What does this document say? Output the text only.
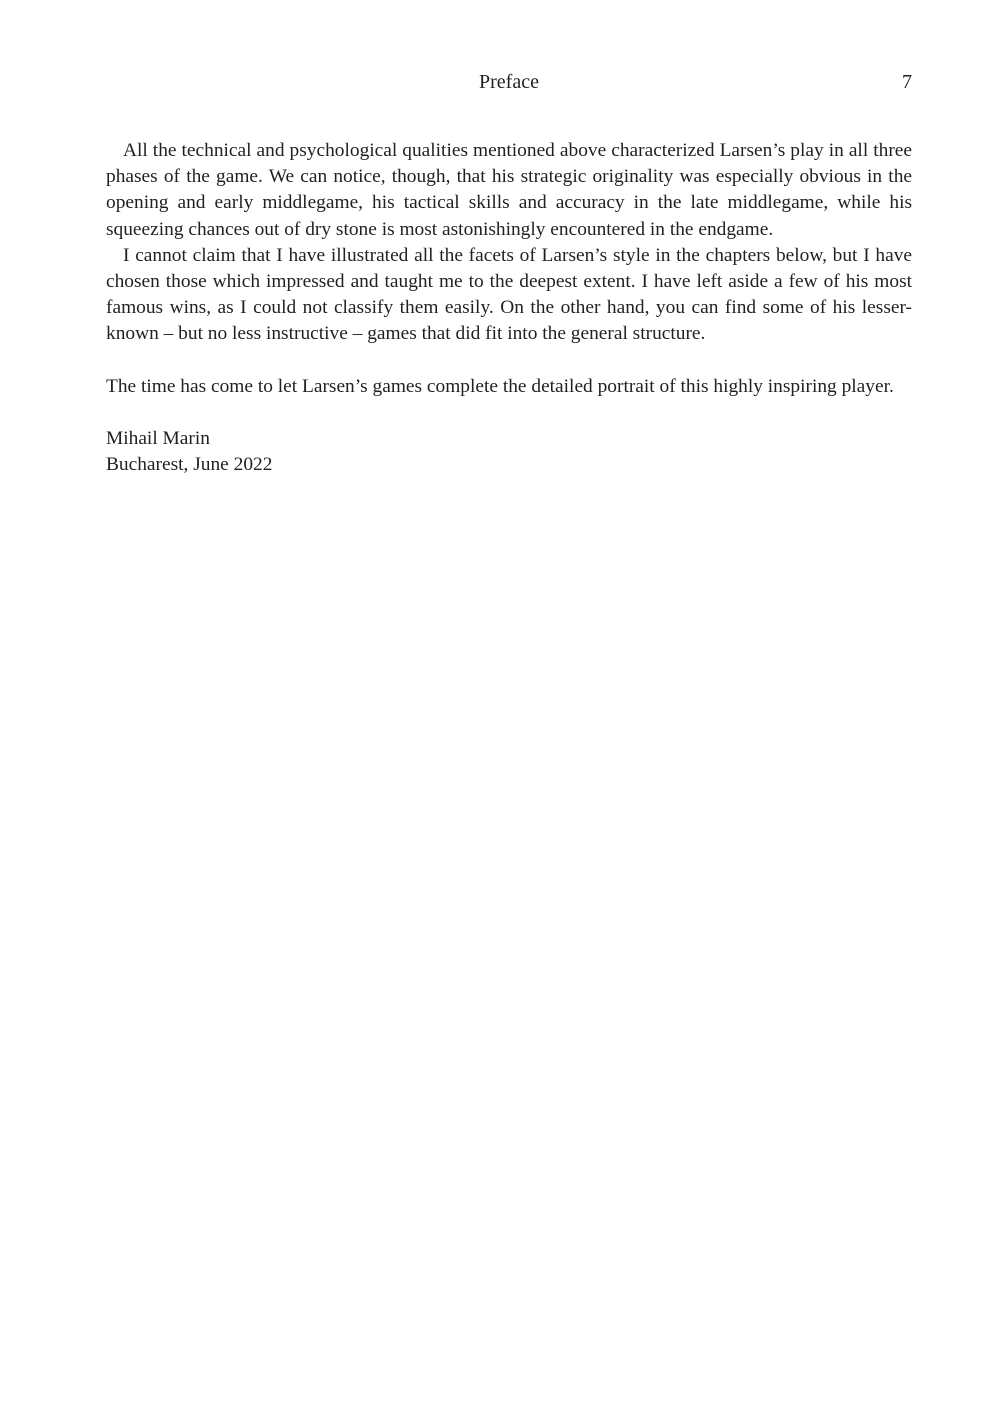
Preface	7

All the technical and psychological qualities mentioned above characterized Larsen’s play in all three phases of the game. We can notice, though, that his strategic originality was especially obvious in the opening and early middlegame, his tactical skills and accuracy in the late middlegame, while his squeezing chances out of dry stone is most astonishingly encountered in the endgame.

I cannot claim that I have illustrated all the facets of Larsen’s style in the chapters below, but I have chosen those which impressed and taught me to the deepest extent. I have left aside a few of his most famous wins, as I could not classify them easily. On the other hand, you can find some of his lesser-known – but no less instructive – games that did fit into the general structure.

The time has come to let Larsen’s games complete the detailed portrait of this highly inspiring player.

Mihail Marin
Bucharest, June 2022
